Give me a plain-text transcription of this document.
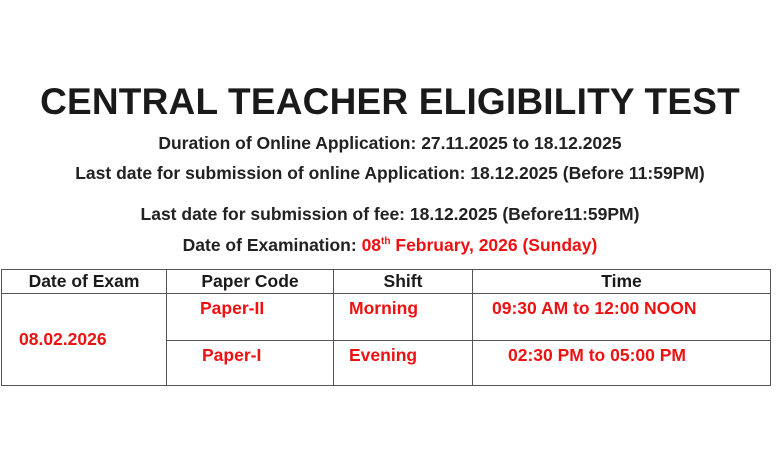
CENTRAL TEACHER ELIGIBILITY TEST
Duration of Online Application: 27.11.2025 to 18.12.2025
Last date for submission of online Application: 18.12.2025 (Before 11:59PM)
Last date for submission of fee: 18.12.2025 (Before11:59PM)
Date of Examination: 08th February, 2026 (Sunday)
Date of Exam	Paper Code	Shift	Time
08.02.2026	Paper-II	Morning	09:30 AM to 12:00 NOON

	Paper-I	Evening	02:30 PM to 05:00 PM
